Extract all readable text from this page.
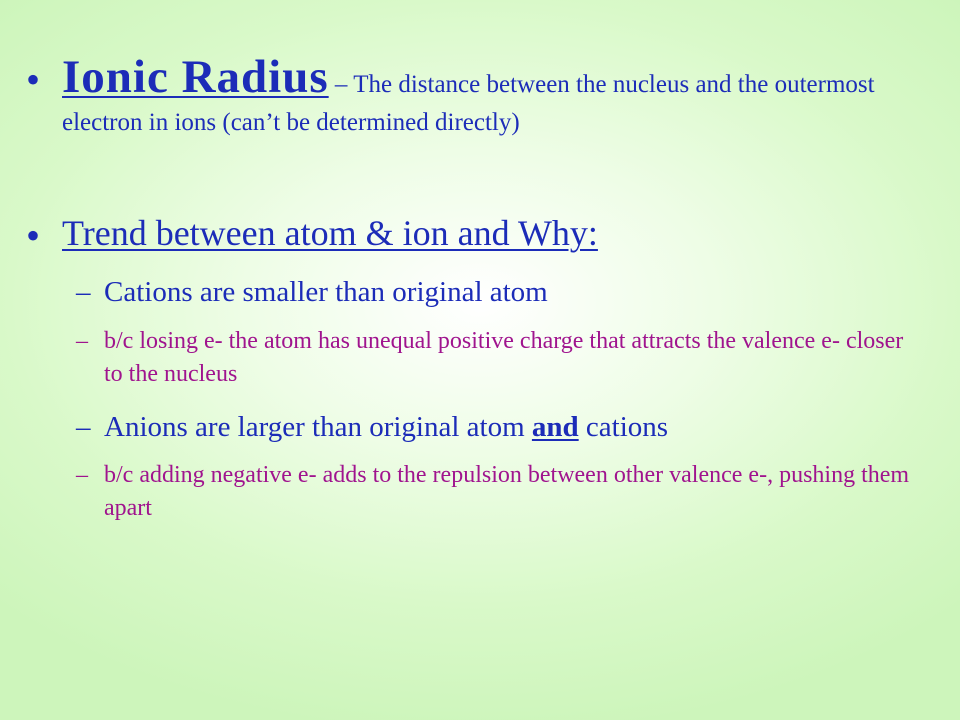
• Ionic Radius – The distance between the nucleus and the outermost electron in ions (can’t be determined directly)
• Trend between atom & ion and Why:
– Cations are smaller than original atom
– b/c losing e- the atom has unequal positive charge that attracts the valence e- closer to the nucleus
– Anions are larger than original atom and cations
– b/c adding negative e- adds to the repulsion between other valence e-, pushing them apart
